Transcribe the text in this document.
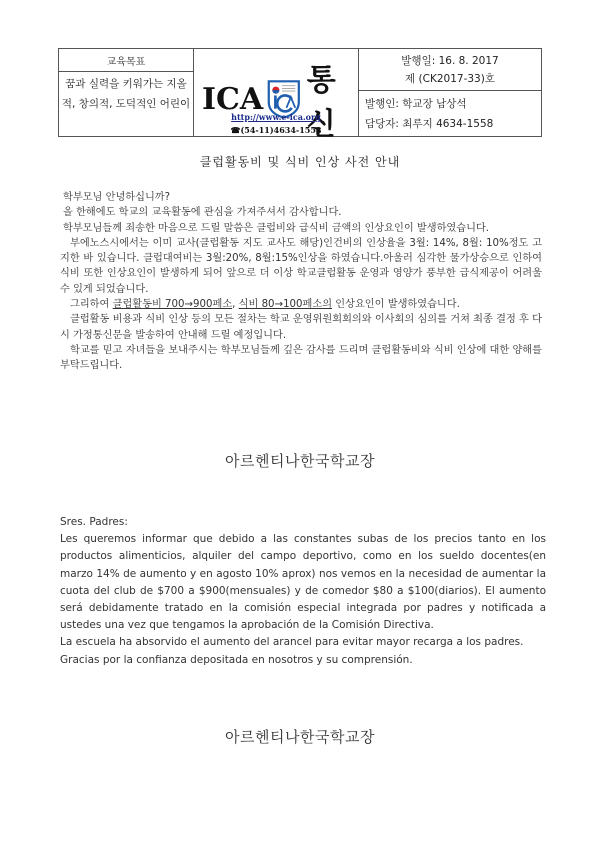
교육목표
꿈과 실력을 키워가는 지올적, 창의적, 도덕적인 어린이 ICA
통신
http://www.e-ica.org
☎(54-11)4634-1558
발행일: 16. 8. 2017
제 (CK2017-33)호
발행인: 학교장 남상석
담당자: 최루지 4634-1558
클럽활동비 및 식비 인상 사전 안내

학부모님 안녕하십니까?

올 한해에도 학교의 교육활동에 관심을 가져주셔서 감사합니다.

학부모님들께 죄송한 마음으로 드릴 말씀은 클럽비와 급식비 금액의 인상요인이 발생하였습니다.

부에노스시에서는 이미 교사(클럽활동 지도 교사도 해당)인건비의 인상율을 3월: 14%, 8월: 10%정도 고지한 바 있습니다. 클럽대여비는 3월:20%, 8월:15%인상을 하였습니다.아울러 심각한 물가상승으로 인하여 식비 또한 인상요인이 발생하게 되어 앞으로 더 이상 학교클럽활동 운영과 영양가 풍부한 급식제공이 어려울 수 있게 되었습니다.

그리하여 클럽활동비 700→900페소, 식비 80→100페소의 인상요인이 발생하였습니다.

클럽활동 비용과 식비 인상 등의 모든 절차는 학교 운영위원회회의와 이사회의 심의를 거쳐 최종 결정 후 다시 가정통신문을 발송하여 안내해 드릴 예정입니다.

학교를 믿고 자녀들을 보내주시는 학부모님들께 깊은 감사를 드리며 클럽활동비와 식비 인상에 대한 양해를 부탁드립니다.

아르헨티나한국학교장

Sres. Padres:

Les queremos informar que debido a las constantes subas de los precios tanto en los productos alimenticios, alquiler del campo deportivo, como en los sueldo docentes(en marzo 14% de aumento y en agosto 10% aprox) nos vemos en la necesidad de aumentar la cuota del club de $700 a $900(mensuales) y de comedor $80 a $100(diarios). El aumento será debidamente tratado en la comisión especial integrada por padres y notificada a ustedes una vez que tengamos la aprobación de la Comisión Directiva.

La escuela ha absorvido el aumento del arancel para evitar mayor recarga a los padres.

Gracias por la confianza depositada en nosotros y su comprensión.

아르헨티나한국학교장
